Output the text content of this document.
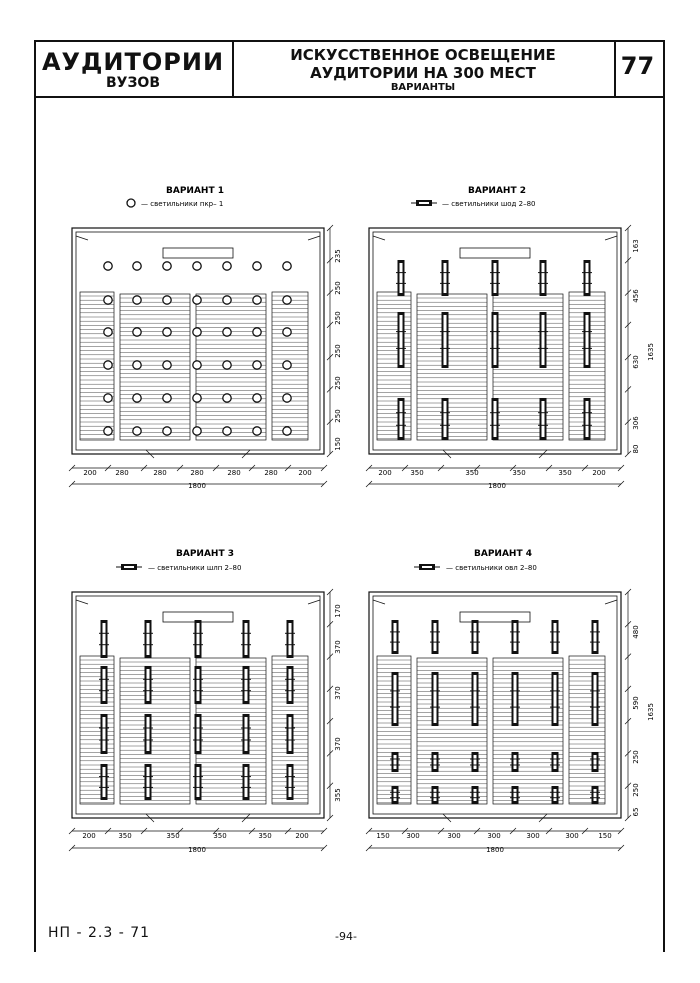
АУДИТОРИИ
ВУЗОВ
ИСКУССТВЕННОЕ ОСВЕЩЕНИЕ
АУДИТОРИИ НА 300 МЕСТ
ВАРИАНТЫ
77
ВАРИАНТ 1
— светильники пкр– 1
235
250
250
250
250
250
150
200	280	280	280	280	280	200
1800
ВАРИАНТ 2
— светильники шод 2–80
163
456
630
306
80
1635
200	350	350	350	350	200
1800
ВАРИАНТ 3
— светильники шлп 2–80
170
370
370
370
355
200	350	350	350	350	200
1800
ВАРИАНТ 4
— светильники овл 2–80
480
590
250
250
65
1635
150 300	300	300	300	300	150
1800
НП - 2.3 - 71	-94-
